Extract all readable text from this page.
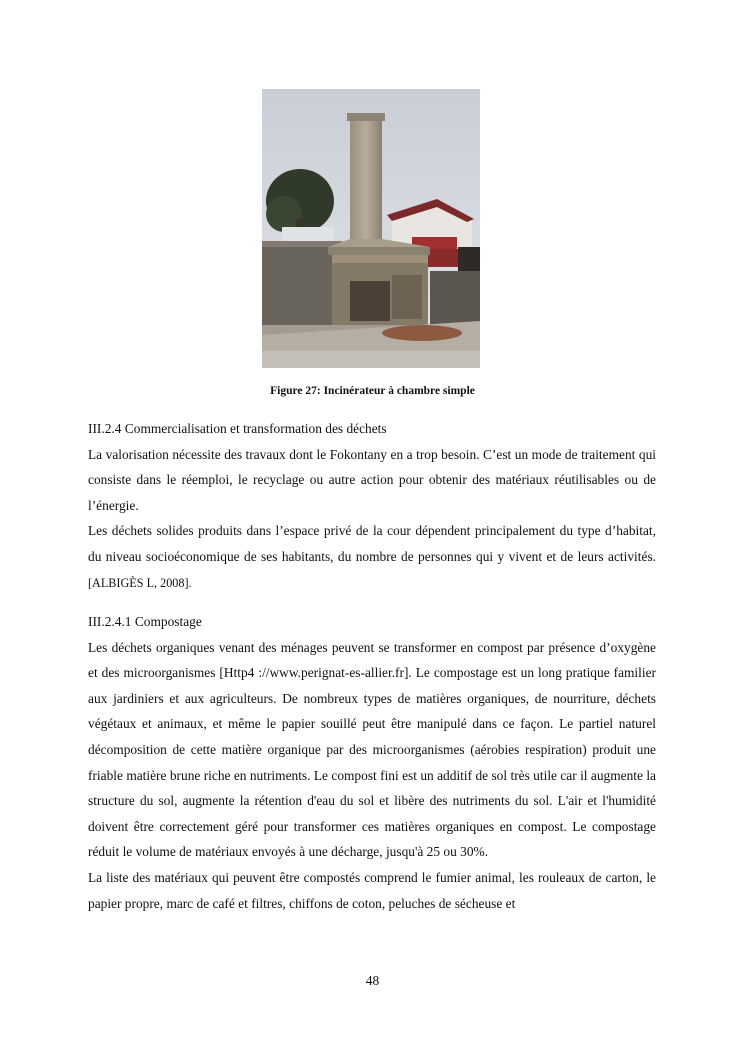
Figure 27: Incinérateur à chambre simple

III.2.4 Commercialisation et transformation des déchets

La valorisation nécessite des travaux dont le Fokontany en a trop besoin. C’est un mode de traitement qui consiste dans le réemploi, le recyclage ou autre action pour obtenir des matériaux réutilisables ou de l’énergie.

Les déchets solides produits dans l’espace privé de la cour dépendent principalement du type d’habitat, du niveau socioéconomique de ses habitants, du nombre de personnes qui y vivent et de leurs activités. [ALBIGÈS L, 2008].

III.2.4.1 Compostage

Les déchets organiques venant des ménages peuvent se transformer en compost par présence d’oxygène et des microorganismes [Http4 ://www.perignat-es-allier.fr]. Le compostage est un long pratique familier aux jardiniers et aux agriculteurs. De nombreux types de matières organiques, de nourriture, déchets végétaux et animaux, et même le papier souillé peut être manipulé dans ce façon. Le partiel naturel décomposition de cette matière organique par des microorganismes (aérobies respiration) produit une friable matière brune riche en nutriments. Le compost fini est un additif de sol très utile car il augmente la structure du sol, augmente la rétention d'eau du sol et libère des nutriments du sol. L'air et l'humidité doivent être correctement géré pour transformer ces matières organiques en compost. Le compostage réduit le volume de matériaux envoyés à une décharge, jusqu'à 25 ou 30%.

La liste des matériaux qui peuvent être compostés comprend le fumier animal, les rouleaux de carton, le papier propre, marc de café et filtres, chiffons de coton, peluches de sécheuse et

48
